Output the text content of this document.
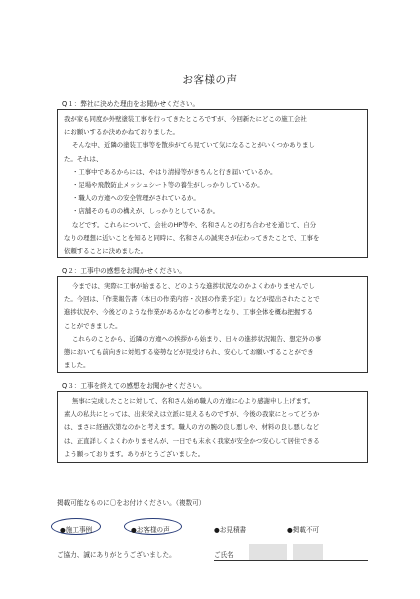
お客様の声
Q１：弊社に決めた理由をお聞かせください。

我が家も同度か外壁塗装工事を行ってきたところですが、今回新たにどこの施工会社

にお願いするか決めかねておりました。

そんな中、近隣の塗装工事等を散歩がてら見ていて気になることがいくつかありまし

た。それは、

・工事中であるからには、やはり清掃等がきちんと行き届いているか。

・足場や飛散防止メッシュシート等の養生がしっかりしているか。

・職人の方違への安全管理がされているか。

・店舗そのものの構えが、しっかりとしているか。

などです。これらについて、会社のHP等や、名和さんとの打ち合わせを通じて、自分

なりの理想に近いことを知ると同時に、名和さんの誠実さが伝わってきたことで、工事を

依頼することに決めました。

Q２：工事中の感想をお聞かせください。

今までは、実際に工事が始まると、どのような進捗状況なのかよくわかりませんでし

た。今回は、「作業報告書（本日の作業内容・次回の作業予定）」などが提出されたことで

進捗状況や、今後どのような作業があるかなどの参考となり、工事全体を概ね把握する

ことができました。

これらのことから、近隣の方違への挨拶から始まり、日々の進捗状況報告、想定外の事

態においても前向きに対処する姿勢などが見受けられ、安心してお願いすることができ

ました。

Q３：工事を終えての感想をお聞かせください。

無事に完成したことに対して、名和さん始め職人の方違に心より感謝申し上げます。

素人の私共にとっては、出来栄えは立派に見えるものですが、今後の我家にとってどうか

は、まさに経過次第なのかと考えます。職人の方の腕の良し悪しや、材料の良し悪しなど

は、正直詳しくよくわかりませんが、一日でも末永く我家が安全かつ安心して居住できる

よう願っております。ありがとうございました。

掲載可能なものに〇をお付けください。（複数可）
●施工事例	●お客様の声	●お見積書	●掲載不可
ご協力、誠にありがとうございました。	ご氏名
